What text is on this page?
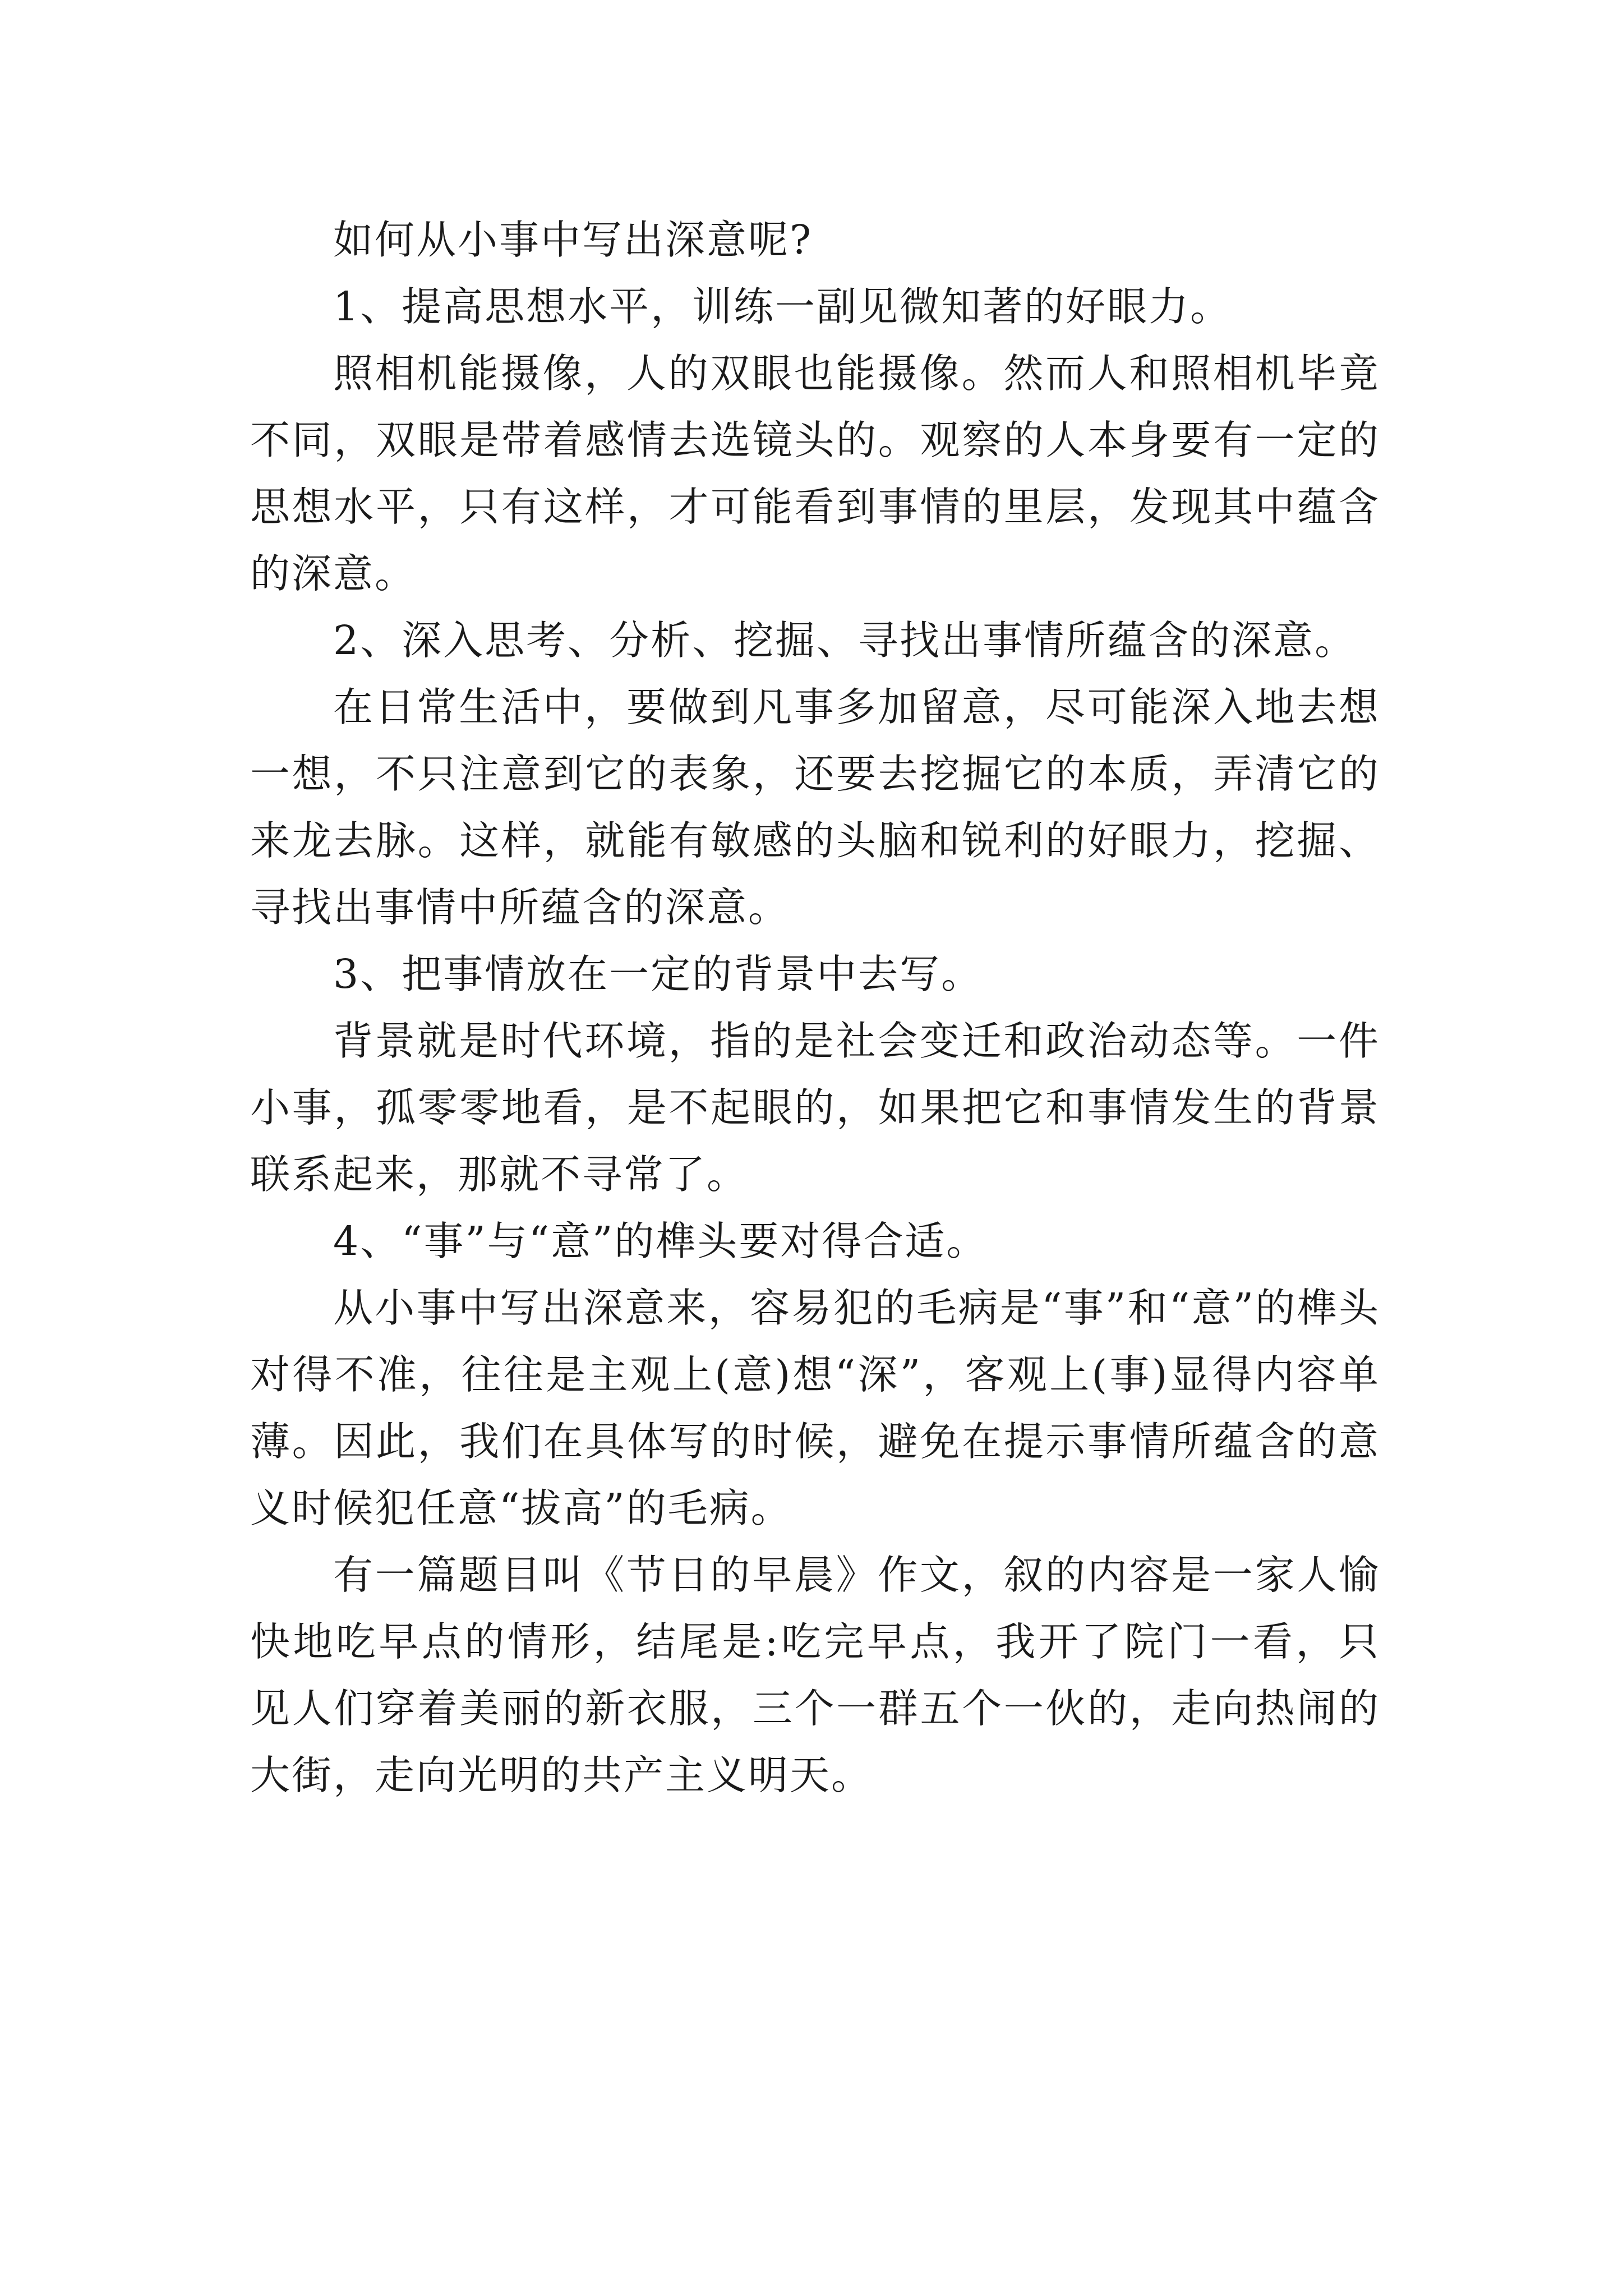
如何从小事中写出深意呢?

1、提高思想水平，训练一副见微知著的好眼力。

照相机能摄像，人的双眼也能摄像。然而人和照相机毕竟不同，双眼是带着感情去选镜头的。观察的人本身要有一定的思想水平，只有这样，才可能看到事情的里层，发现其中蕴含的深意。

2、深入思考、分析、挖掘、寻找出事情所蕴含的深意。

在日常生活中，要做到凡事多加留意，尽可能深入地去想一想，不只注意到它的表象，还要去挖掘它的本质，弄清它的来龙去脉。这样，就能有敏感的头脑和锐利的好眼力，挖掘、寻找出事情中所蕴含的深意。

3、把事情放在一定的背景中去写。

背景就是时代环境，指的是社会变迁和政治动态等。一件小事，孤零零地看，是不起眼的，如果把它和事情发生的背景联系起来，那就不寻常了。

4、“事”与“意”的榫头要对得合适。

从小事中写出深意来，容易犯的毛病是“事”和“意”的榫头对得不准，往往是主观上(意)想“深”，客观上(事)显得内容单薄。因此，我们在具体写的时候，避免在提示事情所蕴含的意义时候犯任意“拔高”的毛病。

有一篇题目叫《节日的早晨》作文，叙的内容是一家人愉快地吃早点的情形，结尾是:吃完早点，我开了院门一看，只见人们穿着美丽的新衣服，三个一群五个一伙的，走向热闹的大街，走向光明的共产主义明天。
